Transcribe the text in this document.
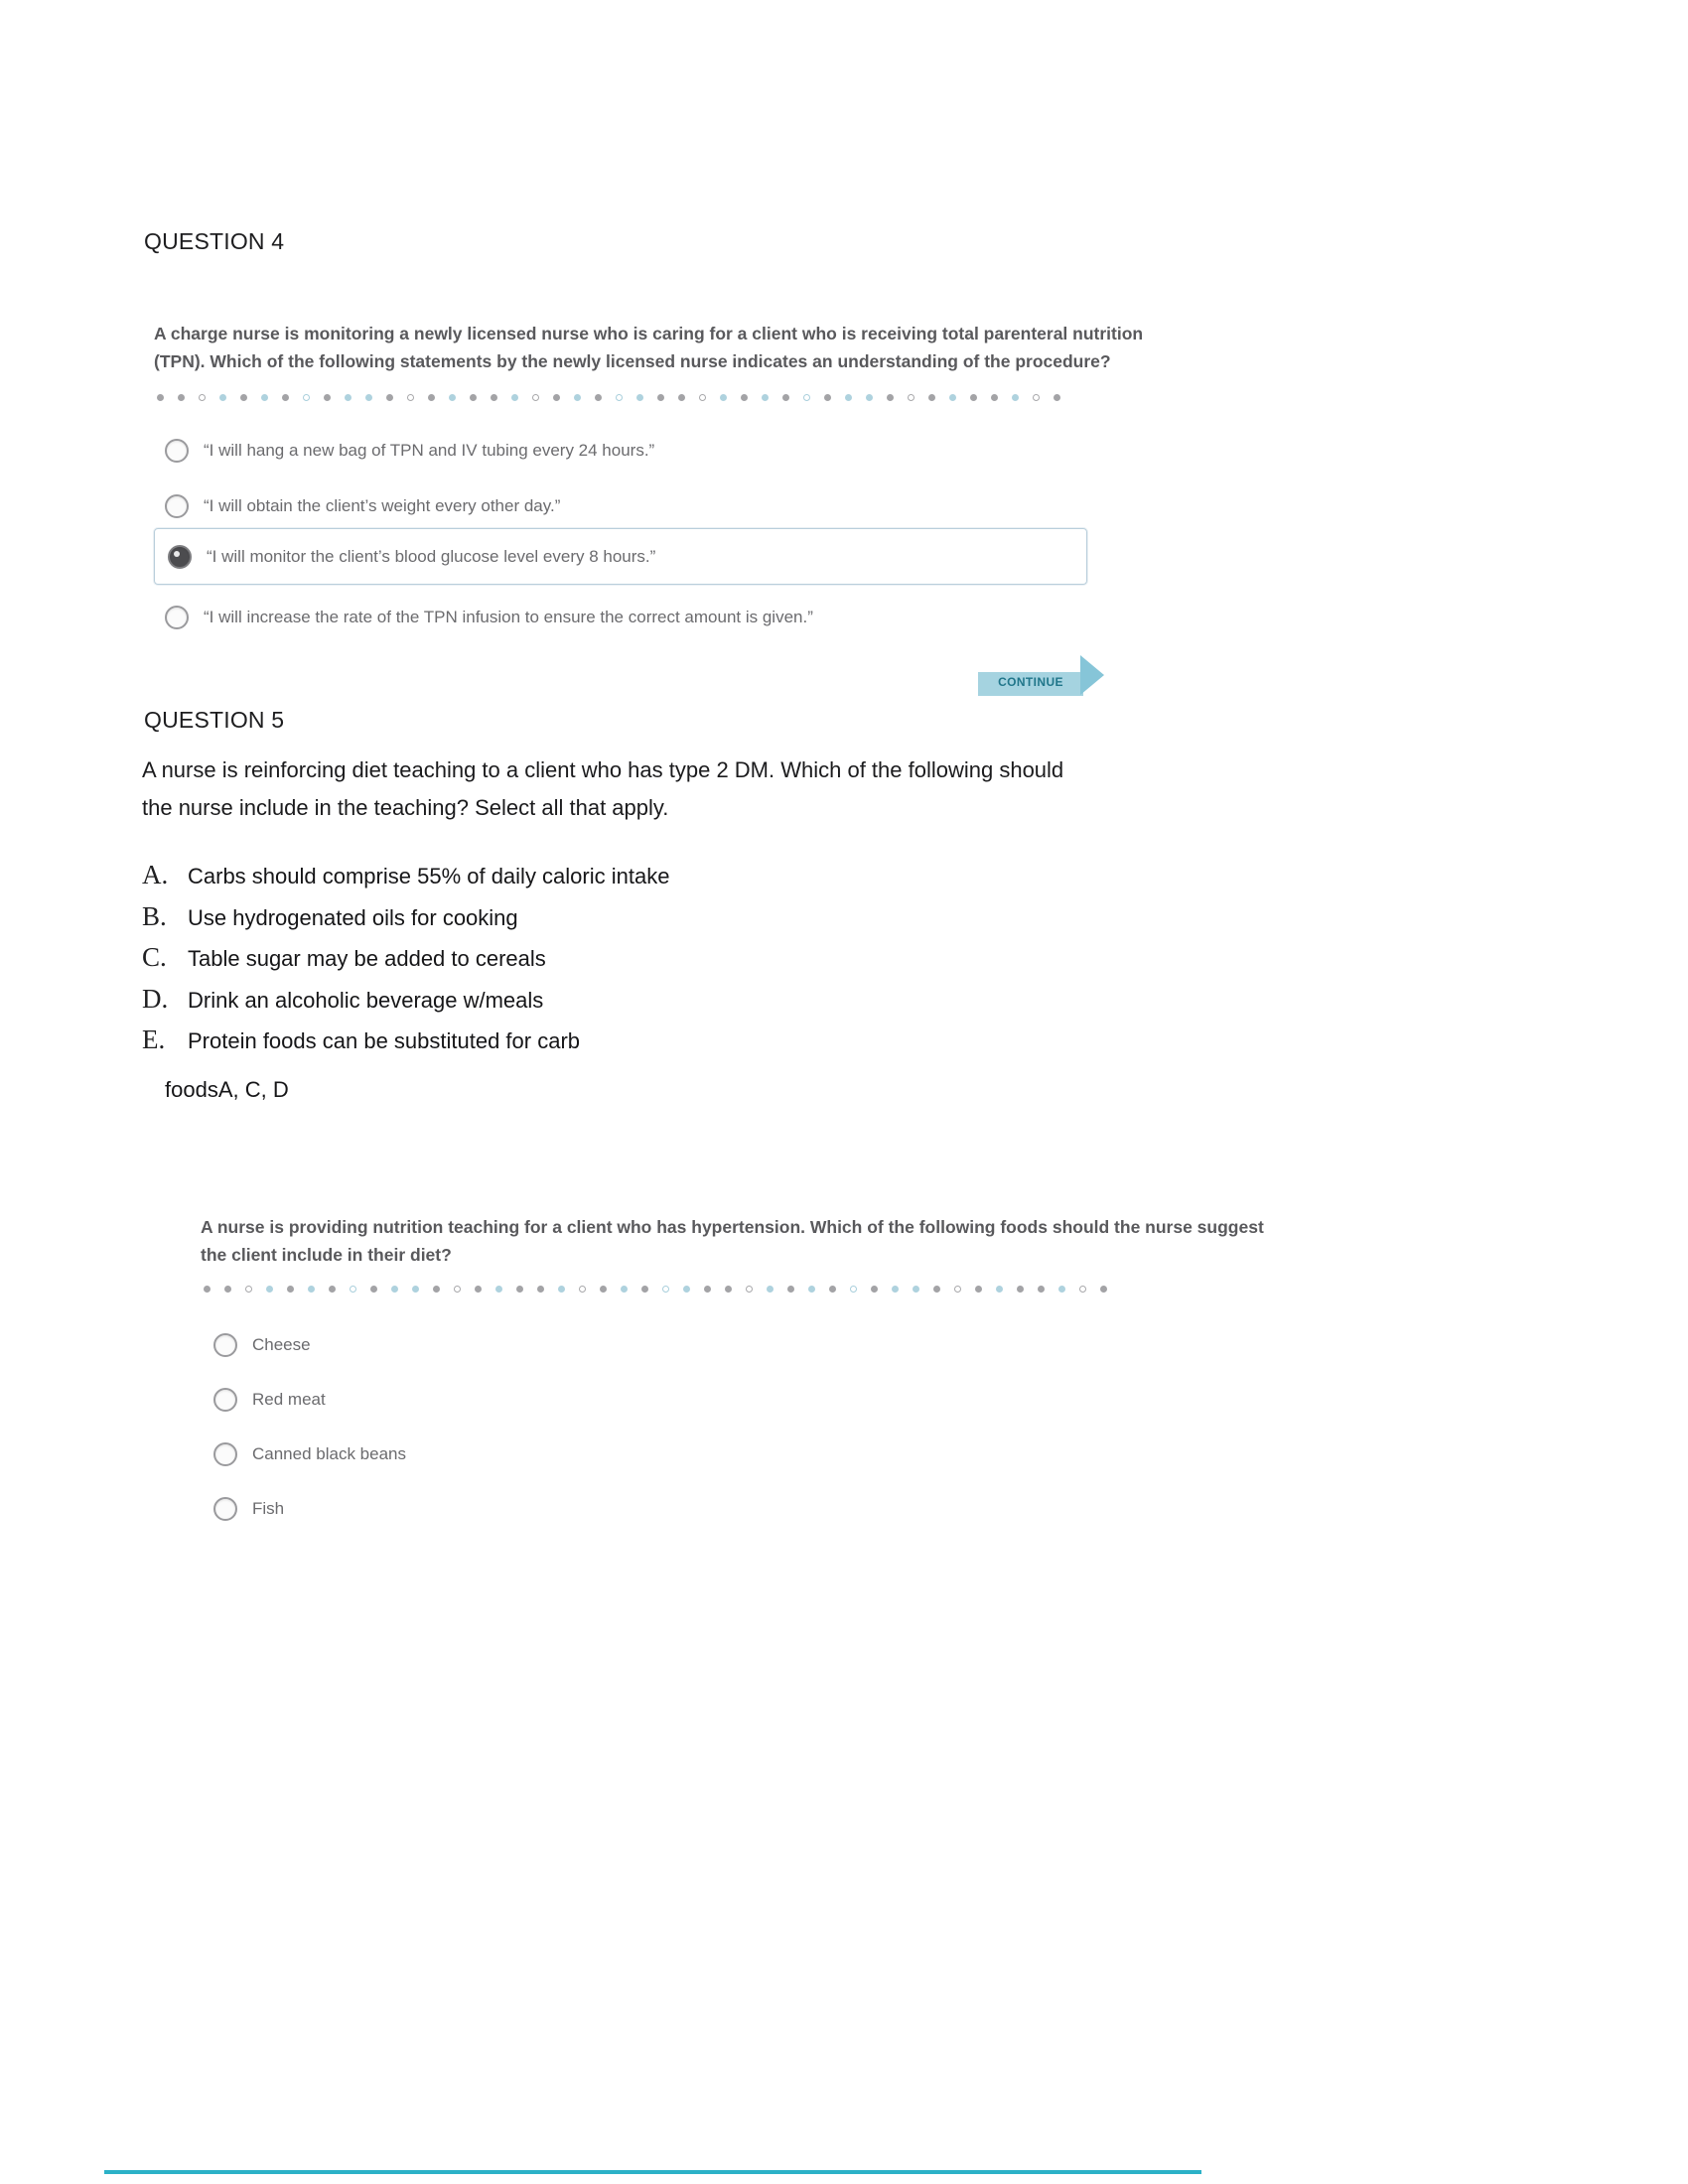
QUESTION 4
A charge nurse is monitoring a newly licensed nurse who is caring for a client who is receiving total parenteral nutrition (TPN). Which of the following statements by the newly licensed nurse indicates an understanding of the procedure?
“I will hang a new bag of TPN and IV tubing every 24 hours.”
“I will obtain the client’s weight every other day.”
“I will monitor the client’s blood glucose level every 8 hours.”
“I will increase the rate of the TPN infusion to ensure the correct amount is given.”
CONTINUE
QUESTION 5
A nurse is reinforcing diet teaching to a client who has type 2 DM. Which of the following should the nurse include in the teaching? Select all that apply.
A. Carbs should comprise 55% of daily caloric intake
B. Use hydrogenated oils for cooking
C. Table sugar may be added to cereals
D. Drink an alcoholic beverage w/meals
E.	Protein foods can be substituted for carb
foodsA, C, D
A nurse is providing nutrition teaching for a client who has hypertension. Which of the following foods should the nurse suggest the client include in their diet?
Cheese
Red meat
Canned black beans
Fish
